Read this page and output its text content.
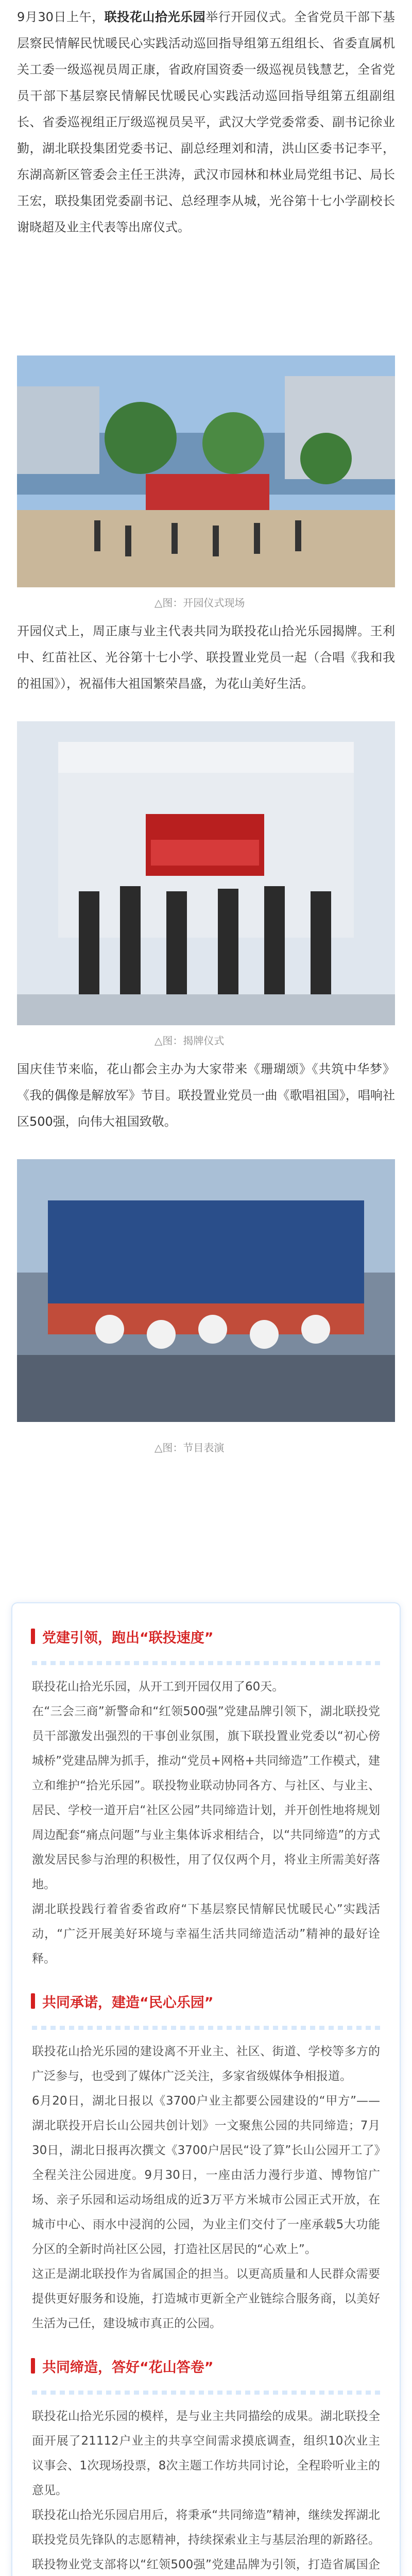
9月30日上午，联投花山拾光乐园举行开园仪式。全省党员干部下基层察民情解民忧暖民心实践活动巡回指导组第五组组长、省委直属机关工委一级巡视员周正康，省政府国资委一级巡视员钱慧艺，全省党员干部下基层察民情解民忧暖民心实践活动巡回指导组第五组副组长、省委巡视组正厅级巡视员吴平，武汉大学党委常委、副书记徐业勤，湖北联投集团党委书记、副总经理刘和清，洪山区委书记李平，东湖高新区管委会主任王洪涛，武汉市园林和林业局党组书记、局长王宏，联投集团党委副书记、总经理李从城，光谷第十七小学副校长谢晓超及业主代表等出席仪式。

△图：开园仪式现场

开园仪式上，周正康与业主代表共同为联投花山拾光乐园揭牌。王利中、红苗社区、光谷第十七小学、联投置业党员一起（合唱《我和我的祖国》），祝福伟大祖国繁荣昌盛，为花山美好生活。

△图：揭牌仪式

国庆佳节来临，花山都会主办为大家带来《珊瑚颂》《共筑中华梦》《我的偶像是解放军》节目。联投置业党员一曲《歌唱祖国》，唱响社区500强，向伟大祖国致敬。

△图：节目表演
党建引领，跑出“联投速度”

联投花山拾光乐园，从开工到开园仅用了60天。

在“三会三商”新警命和“红领500强”党建品牌引领下，湖北联投党员干部激发出强烈的干事创业氛围，旗下联投置业党委以“初心傍城桥”党建品牌为抓手，推动“党员+网格+共同缔造”工作模式，建立和维护“拾光乐园”。联投物业联动协同各方、与社区、与业主、居民、学校一道开启“社区公园”共同缔造计划，并开创性地将规划周边配套“痛点问题”与业主集体诉求相结合，以“共同缔造”的方式激发居民参与治理的积极性，用了仅仅两个月，将业主所需美好落地。

湖北联投践行着省委省政府“下基层察民情解民忧暖民心”实践活动，“广泛开展美好环境与幸福生活共同缔造活动”精神的最好诠释。

共同承诺，建造“民心乐园”

联投花山拾光乐园的建设离不开业主、社区、街道、学校等多方的广泛参与，也受到了媒体广泛关注，多家省级媒体争相报道。

6月20日，湖北日报以《3700户业主都要公园建设的“甲方”——湖北联投开启长山公园共创计划》一文聚焦公园的共同缔造；7月30日，湖北日报再次撰文《3700户居民“设了算”长山公园开工了》全程关注公园进度。9月30日，一座由活力漫行步道、博物馆广场、亲子乐园和运动场组成的近3万平方米城市公园正式开放，在城市中心、雨水中浸润的公园，为业主们交付了一座承载5大功能分区的全新时尚社区公园，打造社区居民的“心欢上”。

这正是湖北联投作为省属国企的担当。以更高质量和人民群众需要提供更好服务和设施，打造城市更新全产业链综合服务商，以美好生活为己任，建设城市真正的公园。

共同缔造，答好“花山答卷”

联投花山拾光乐园的模样，是与业主共同描绘的成果。湖北联投全面开展了21112户业主的共享空间需求摸底调查，组织10次业主议事会、1次现场投票，8次主题工作坊共同讨论，全程聆听业主的意见。

联投花山拾光乐园启用后，将秉承“共同缔造”精神，继续发挥湖北联投党员先锋队的志愿精神，持续探索业主与基层治理的新路径。联投物业党支部将以“红领500强”党建品牌为引领，打造省属国企
